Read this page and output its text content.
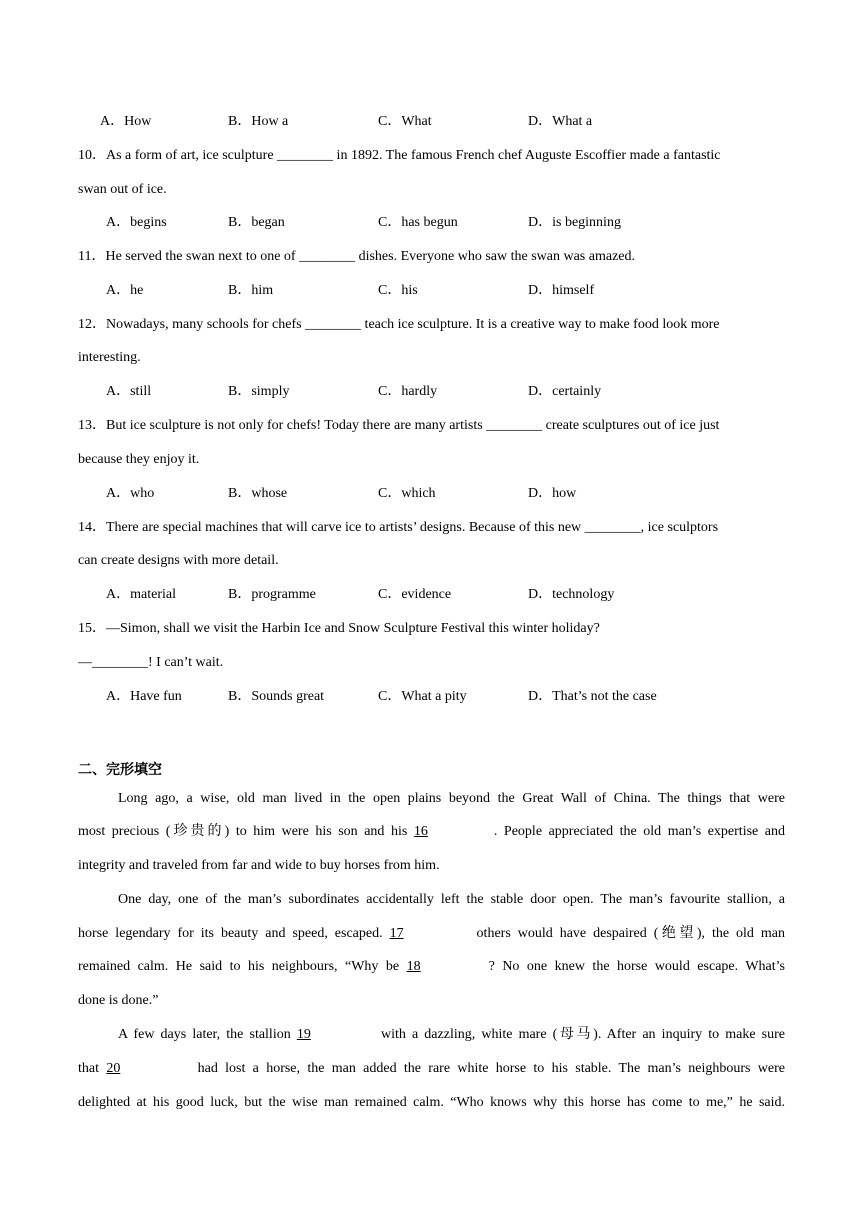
A．How	B．How a	C．What	D．What a
10．As a form of art, ice sculpture ________ in 1892. The famous French chef Auguste Escoffier made a fantastic
swan out of ice.
A．begins	B．began	C．has begun	D．is beginning
11．He served the swan next to one of ________ dishes. Everyone who saw the swan was amazed.
A．he	B．him	C．his	D．himself
12．Nowadays, many schools for chefs ________ teach ice sculpture. It is a creative way to make food look more
interesting.
A．still	B．simply	C．hardly	D．certainly
13．But ice sculpture is not only for chefs! Today there are many artists ________ create sculptures out of ice just
because they enjoy it.
A．who	B．whose	C．which	D．how
14．There are special machines that will carve ice to artists’ designs. Because of this new ________, ice sculptors
can create designs with more detail.
A．material	B．programme	C．evidence	D．technology
15．—Simon, shall we visit the Harbin Ice and Snow Sculpture Festival this winter holiday?
—________! I can’t wait.
A．Have fun	B．Sounds great	C．What a pity	D．That’s not the case
二、完形填空
Long ago, a wise, old man lived in the open plains beyond the Great Wall of China. The things that were
most precious (珍贵的) to him were his son and his 16	. People appreciated the old man’s expertise and
integrity and traveled from far and wide to buy horses from him.
One day, one of the man’s subordinates accidentally left the stable door open. The man’s favourite stallion, a
horse legendary for its beauty and speed, escaped. 17	others would have despaired (绝望), the old man
remained calm. He said to his neighbours, “Why be 18	? No one knew the horse would escape. What’s
done is done.”
A few days later, the stallion 19	with a dazzling, white mare (母马). After an inquiry to make sure
that 20	had lost a horse, the man added the rare white horse to his stable. The man’s neighbours were
delighted at his good luck, but the wise man remained calm. “Who knows why this horse has come to me,” he said.
